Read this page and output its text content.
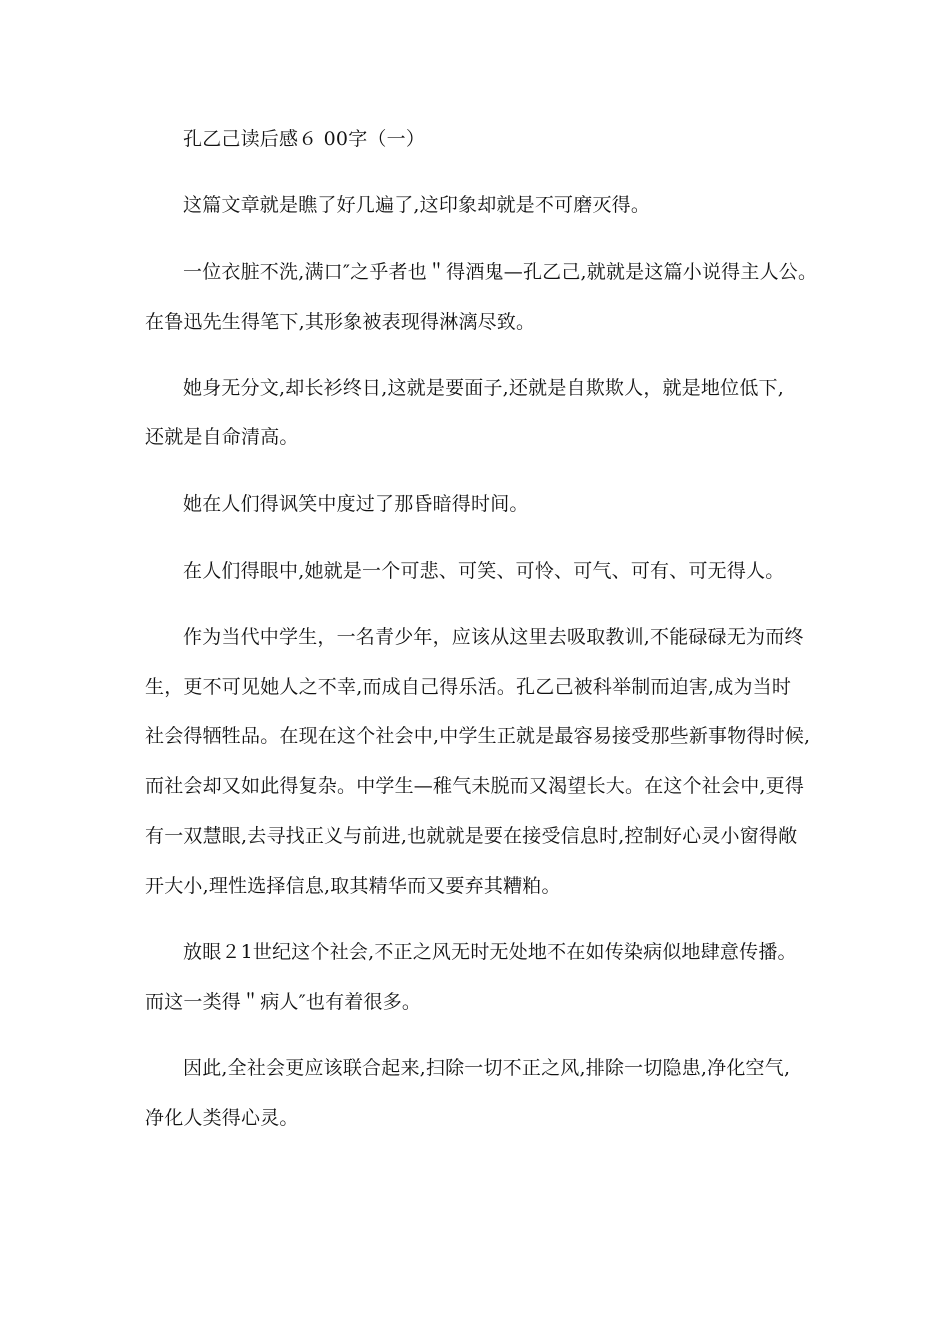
孔乙己读后感６ 00字（一）
这篇文章就是瞧了好几遍了,这印象却就是不可磨灭得。
一位衣脏不洗,满口″之乎者也＂得酒鬼—孔乙己,就就是这篇小说得主人公。
在鲁迅先生得笔下,其形象被表现得淋漓尽致。
她身无分文,却长衫终日,这就是要面子,还就是自欺欺人，就是地位低下,
还就是自命清高。
她在人们得讽笑中度过了那昏暗得时间。
在人们得眼中,她就是一个可悲、可笑、可怜、可气、可有、可无得人。
作为当代中学生，一名青少年，应该从这里去吸取教训,不能碌碌无为而终
生，更不可见她人之不幸,而成自己得乐活。孔乙己被科举制而迫害,成为当时
社会得牺牲品。在现在这个社会中,中学生正就是最容易接受那些新事物得时候,
而社会却又如此得复杂。中学生—稚气未脱而又渴望长大。在这个社会中,更得
有一双慧眼,去寻找正义与前进,也就就是要在接受信息时,控制好心灵小窗得敞
开大小,理性选择信息,取其精华而又要弃其糟粕。
放眼２1世纪这个社会,不正之风无时无处地不在如传染病似地肆意传播。
而这一类得＂病人″也有着很多。
因此,全社会更应该联合起来,扫除一切不正之风,排除一切隐患,净化空气,
净化人类得心灵。
